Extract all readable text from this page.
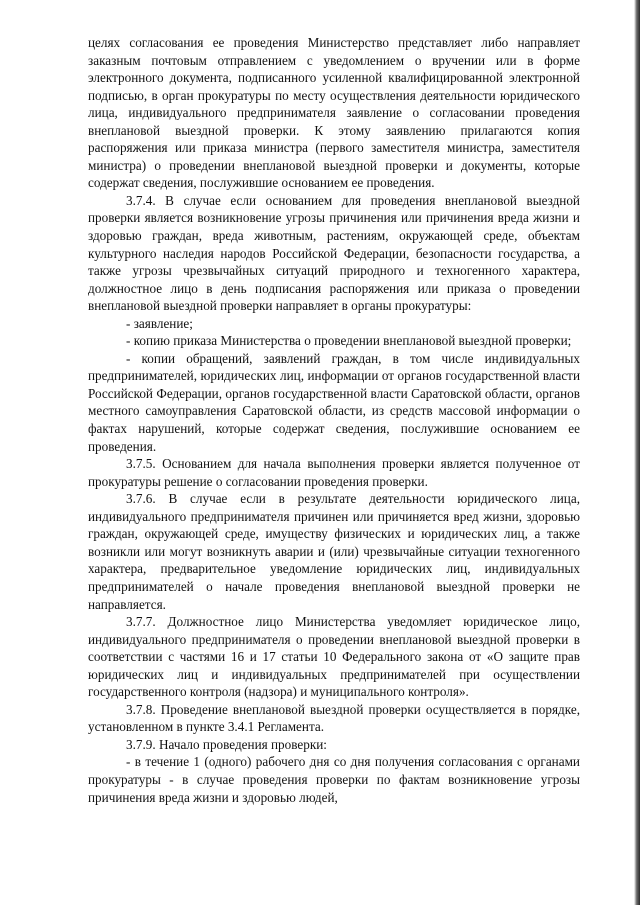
целях согласования ее проведения Министерство представляет либо направляет заказным почтовым отправлением с уведомлением о вручении или в форме электронного документа, подписанного усиленной квалифицированной электронной подписью, в орган прокуратуры по месту осуществления деятельности юридического лица, индивидуального предпринимателя заявление о согласовании проведения внеплановой выездной проверки. К этому заявлению прилагаются копия распоряжения или приказа министра (первого заместителя министра, заместителя министра) о проведении внеплановой выездной проверки и документы, которые содержат сведения, послужившие основанием ее проведения.

3.7.4. В случае если основанием для проведения внеплановой выездной проверки является возникновение угрозы причинения или причинения вреда жизни и здоровью граждан, вреда животным, растениям, окружающей среде, объектам культурного наследия народов Российской Федерации, безопасности государства, а также угрозы чрезвычайных ситуаций природного и техногенного характера, должностное лицо в день подписания распоряжения или приказа о проведении внеплановой выездной проверки направляет в органы прокуратуры:

- заявление;

- копию приказа Министерства о проведении внеплановой выездной проверки;

- копии обращений, заявлений граждан, в том числе индивидуальных предпринимателей, юридических лиц, информации от органов государственной власти Российской Федерации, органов государственной власти Саратовской области, органов местного самоуправления Саратовской области, из средств массовой информации о фактах нарушений, которые содержат сведения, послужившие основанием ее проведения.

3.7.5. Основанием для начала выполнения проверки является полученное от прокуратуры решение о согласовании проведения проверки.

3.7.6. В случае если в результате деятельности юридического лица, индивидуального предпринимателя причинен или причиняется вред жизни, здоровью граждан, окружающей среде, имуществу физических и юридических лиц, а также возникли или могут возникнуть аварии и (или) чрезвычайные ситуации техногенного характера, предварительное уведомление юридических лиц, индивидуальных предпринимателей о начале проведения внеплановой выездной проверки не направляется.

3.7.7. Должностное лицо Министерства уведомляет юридическое лицо, индивидуального предпринимателя о проведении внеплановой выездной проверки в соответствии с частями 16 и 17 статьи 10 Федерального закона от «О защите прав юридических лиц и индивидуальных предпринимателей при осуществлении государственного контроля (надзора) и муниципального контроля».

3.7.8. Проведение внеплановой выездной проверки осуществляется в порядке, установленном в пункте 3.4.1 Регламента.

3.7.9. Начало проведения проверки:

- в течение 1 (одного) рабочего дня со дня получения согласования с органами прокуратуры - в случае проведения проверки по фактам возникновение угрозы причинения вреда жизни и здоровью людей,
